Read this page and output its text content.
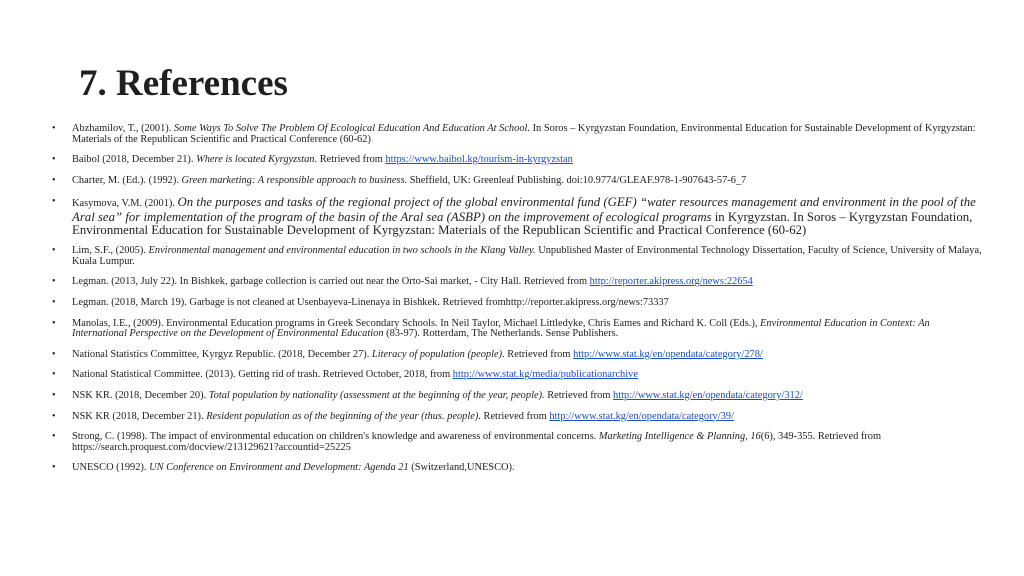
7. References
• Abzhamilov, T., (2001). Some Ways To Solve The Problem Of Ecological Education And Education At School. In Soros – Kyrgyzstan Foundation, Environmental Education for Sustainable Development of Kyrgyzstan: Materials of the Republican Scientific and Practical Conference (60-62)
• Baibol (2018, December 21). Where is located Kyrgyzstan. Retrieved from https://www.baibol.kg/tourism-in-kyrgyzstan
• Charter, M. (Ed.). (1992). Green marketing: A responsible approach to business. Sheffield, UK: Greenleaf Publishing. doi:10.9774/GLEAF.978-1-907643-57-6_7
• Kasymova, V.M. (2001). On the purposes and tasks of the regional project of the global environmental fund (GEF) “water resources management and environment in the pool of the Aral sea” for implementation of the program of the basin of the Aral sea (ASBP) on the improvement of ecological programs in Kyrgyzstan. In Soros – Kyrgyzstan Foundation, Environmental Education for Sustainable Development of Kyrgyzstan: Materials of the Republican Scientific and Practical Conference (60-62)
• Lim, S.F., (2005). Environmental management and environmental education in two schools in the Klang Valley. Unpublished Master of Environmental Technology Dissertation, Faculty of Science, University of Malaya, Kuala Lumpur.
• Legman. (2013, July 22). In Bishkek, garbage collection is carried out near the Orto-Sai market, - City Hall. Retrieved from http://reporter.akipress.org/news:22654
• Legman. (2018, March 19). Garbage is not cleaned at Usenbayeva-Linenaya in Bishkek. Retrieved fromhttp://reporter.akipress.org/news:73337
• Manolas, I.E., (2009). Environmental Education programs in Greek Secondary Schools. In Neil Taylor, Michael Littledyke, Chris Eames and Richard K. Coll (Eds.), Environmental Education in Context: An International Perspective on the Development of Environmental Education (83-97). Rotterdam, The Netherlands. Sense Publishers.
• National Statistics Committee, Kyrgyz Republic. (2018, December 27). Literacy of population (people). Retrieved from http://www.stat.kg/en/opendata/category/278/
• National Statistical Committee. (2013). Getting rid of trash. Retrieved October, 2018, from http://www.stat.kg/media/publicationarchive
• NSK KR. (2018, December 20). Total population by nationality (assessment at the beginning of the year, people). Retrieved from http://www.stat.kg/en/opendata/category/312/
• NSK KR (2018, December 21). Resident population as of the beginning of the year (thus. people). Retrieved from http://www.stat.kg/en/opendata/category/39/
• Strong, C. (1998). The impact of environmental education on children's knowledge and awareness of environmental concerns. Marketing Intelligence & Planning, 16(6), 349-355. Retrieved from https://search.proquest.com/docview/213129621?accountid=25225
• UNESCO (1992). UN Conference on Environment and Development: Agenda 21 (Switzerland,UNESCO).
